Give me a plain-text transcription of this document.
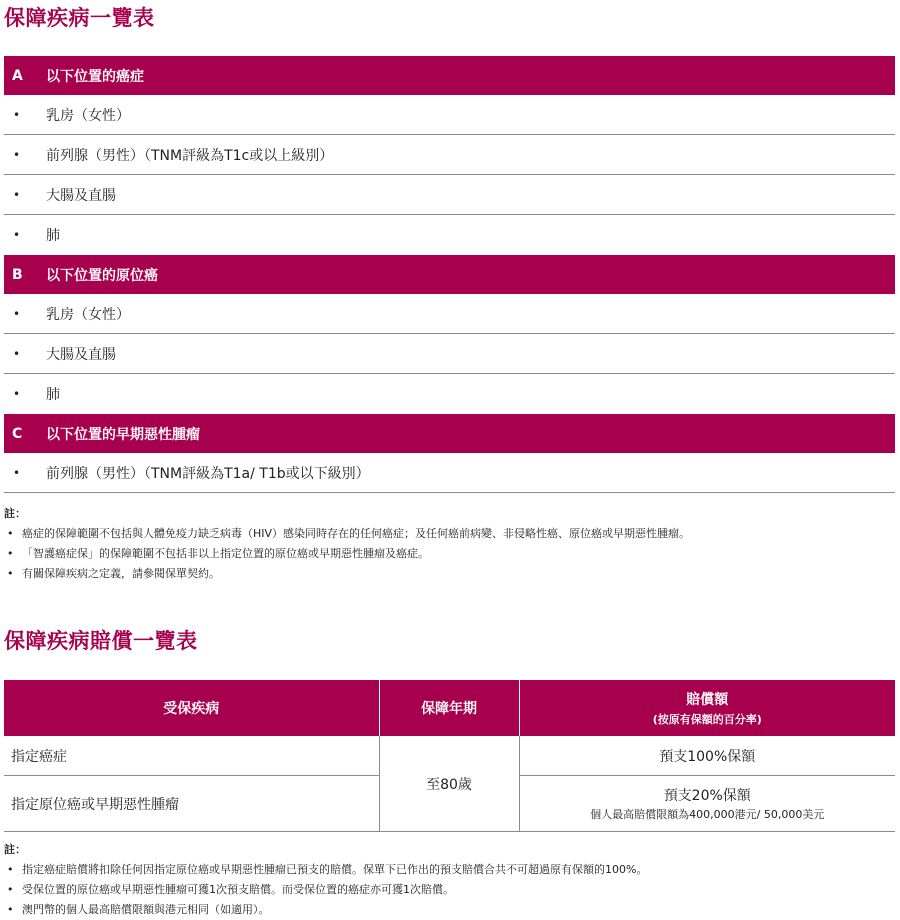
保障疾病一覽表
A	以下位置的癌症
•	乳房（女性）
•	前列腺（男性）（TNM評級為T1c或以上級別）
•	大腸及直腸
•	肺
B	以下位置的原位癌
•	乳房（女性）
•	大腸及直腸
•	肺
C	以下位置的早期惡性腫瘤
•	前列腺（男性）（TNM評級為T1a/ T1b或以下級別）
註：
• 癌症的保障範圍不包括與人體免疫力缺乏病毒（HIV）感染同時存在的任何癌症；及任何癌前病變、非侵略性癌、原位癌或早期惡性腫瘤。
• 「智護癌症保」的保障範圍不包括非以上指定位置的原位癌或早期惡性腫瘤及癌症。
• 有關保障疾病之定義，請參閱保單契約。
保障疾病賠償一覽表
受保疾病	保障年期	賠償額
(按原有保額的百分率)

指定癌症	至80歲	預支100%保額
指定原位癌或早期惡性腫瘤		預支20%保額
個人最高賠償限額為400,000港元/ 50,000美元
註：
• 指定癌症賠償將扣除任何因指定原位癌或早期惡性腫瘤已預支的賠償。保單下已作出的預支賠償合共不可超過原有保額的100%。
• 受保位置的原位癌或早期惡性腫瘤可獲1次預支賠償。而受保位置的癌症亦可獲1次賠償。
• 澳門幣的個人最高賠償限額與港元相同（如適用）。
